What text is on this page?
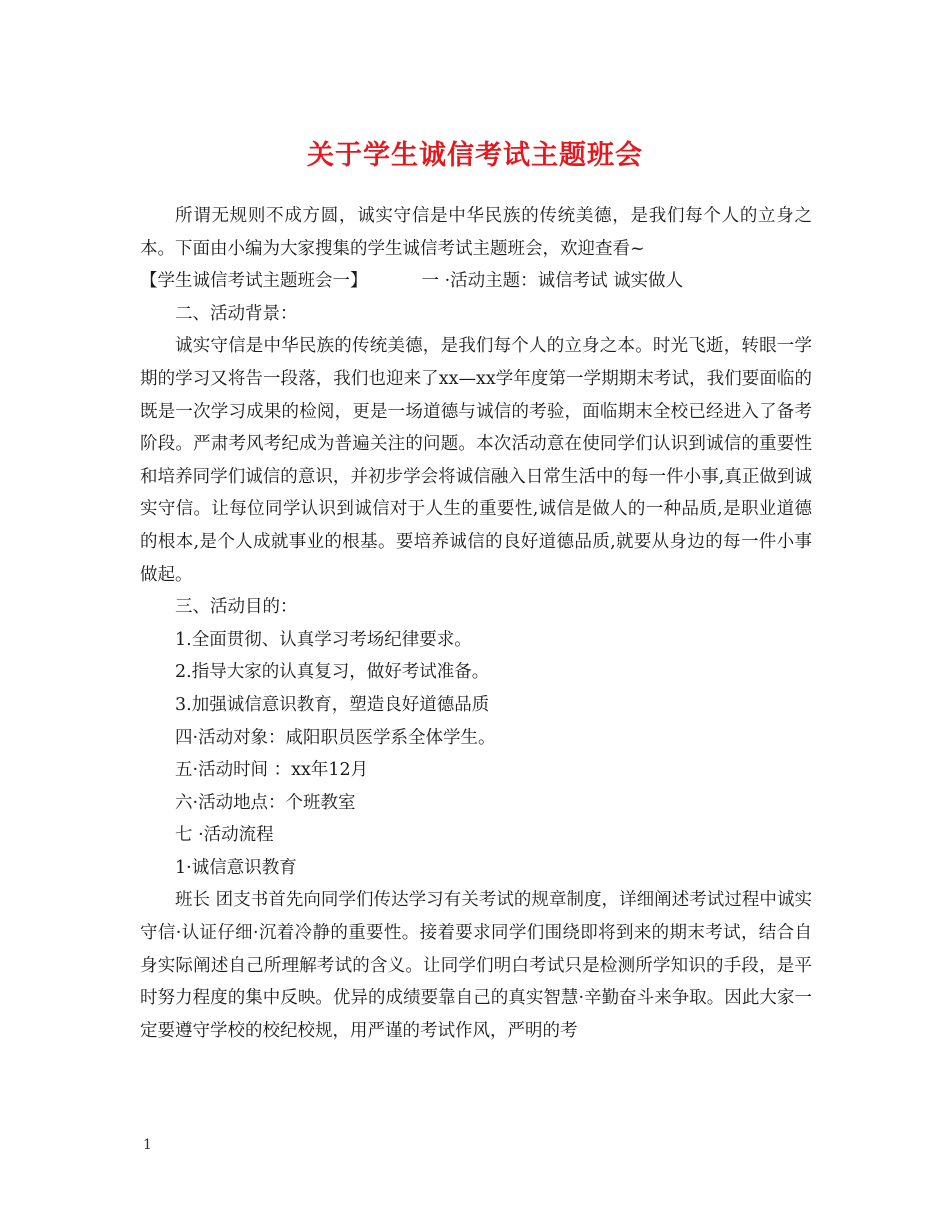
关于学生诚信考试主题班会

所谓无规则不成方圆，诚实守信是中华民族的传统美德，是我们每个人的立身之本。下面由小编为大家搜集的学生诚信考试主题班会，欢迎查看~

【学生诚信考试主题班会一】	一 ·活动主题：诚信考试 诚实做人

二、活动背景：

诚实守信是中华民族的传统美德，是我们每个人的立身之本。时光飞逝，转眼一学期的学习又将告一段落，我们也迎来了xx—xx学年度第一学期期末考试，我们要面临的既是一次学习成果的检阅，更是一场道德与诚信的考验，面临期末全校已经进入了备考阶段。严肃考风考纪成为普遍关注的问题。本次活动意在使同学们认识到诚信的重要性和培养同学们诚信的意识，并初步学会将诚信融入日常生活中的每一件小事,真正做到诚实守信。让每位同学认识到诚信对于人生的重要性,诚信是做人的一种品质,是职业道德的根本,是个人成就事业的根基。要培养诚信的良好道德品质,就要从身边的每一件小事做起。

三、活动目的：

1.全面贯彻、认真学习考场纪律要求。

2.指导大家的认真复习，做好考试准备。

3.加强诚信意识教育，塑造良好道德品质

四·活动对象：咸阳职员医学系全体学生。

五·活动时间 ：xx年12月

六·活动地点：个班教室

七 ·活动流程

1·诚信意识教育

班长 团支书首先向同学们传达学习有关考试的规章制度，详细阐述考试过程中诚实守信·认证仔细·沉着冷静的重要性。接着要求同学们围绕即将到来的期末考试，结合自身实际阐述自己所理解考试的含义。让同学们明白考试只是检测所学知识的手段，是平时努力程度的集中反映。优异的成绩要靠自己的真实智慧·辛勤奋斗来争取。因此大家一定要遵守学校的校纪校规，用严谨的考试作风，严明的考

1
